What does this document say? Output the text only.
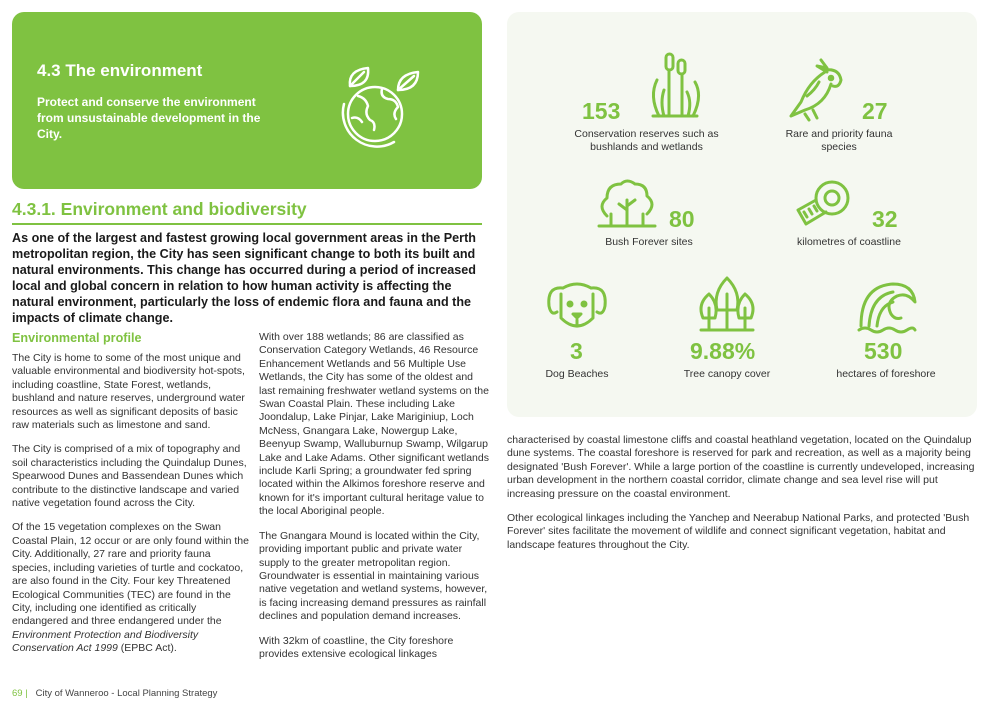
4.3 The environment

Protect and conserve the environment from unsustainable development in the City.

4.3.1. Environment and biodiversity
As one of the largest and fastest growing local government areas in the Perth metropolitan region, the City has seen significant change to both its built and natural environments. This change has occurred during a period of increased local and global concern in relation to how human activity is affecting the natural environment, particularly the loss of endemic flora and fauna and the impacts of climate change.
Environmental profile

The City is home to some of the most unique and valuable environmental and biodiversity hot-spots, including coastline, State Forest, wetlands, bushland and nature reserves, underground water resources as well as significant deposits of basic raw materials such as limestone and sand.

The City is comprised of a mix of topography and soil characteristics including the Quindalup Dunes, Spearwood Dunes and Bassendean Dunes which contribute to the distinctive landscape and varied native vegetation found across the City.

Of the 15 vegetation complexes on the Swan Coastal Plain, 12 occur or are only found within the City. Additionally, 27 rare and priority fauna species, including varieties of turtle and cockatoo, are also found in the City. Four key Threatened Ecological Communities (TEC) are found in the City, including one identified as critically endangered and three endangered under the Environment Protection and Biodiversity Conservation Act 1999 (EPBC Act).

With over 188 wetlands; 86 are classified as Conservation Category Wetlands, 46 Resource Enhancement Wetlands and 56 Multiple Use Wetlands, the City has some of the oldest and last remaining freshwater wetland systems on the Swan Coastal Plain. These including Lake Joondalup, Lake Pinjar, Lake Mariginiup, Loch McNess, Gnangara Lake, Nowergup Lake, Beenyup Swamp, Walluburnup Swamp, Wilgarup Lake and Lake Adams. Other significant wetlands include Karli Spring; a groundwater fed spring located within the Alkimos foreshore reserve and known for it's important cultural heritage value to the local Aboriginal people.

The Gnangara Mound is located within the City, providing important public and private water supply to the greater metropolitan region. Groundwater is essential in maintaining various native vegetation and wetland systems, however, is facing increasing demand pressures as rainfall declines and population demand increases.

With 32km of coastline, the City foreshore provides extensive ecological linkages

153
Conservation reserves such as bushlands and wetlands
27
Rare and priority fauna species
80
Bush Forever sites
32
kilometres of coastline
3
Dog Beaches
9.88%
Tree canopy cover
530
hectares of foreshore

characterised by coastal limestone cliffs and coastal heathland vegetation, located on the Quindalup dune systems. The coastal foreshore is reserved for park and recreation, as well as a majority being designated 'Bush Forever'. While a large portion of the coastline is currently undeveloped, increasing urban development in the northern coastal corridor, climate change and sea level rise will put increasing pressure on the coastal environment.

Other ecological linkages including the Yanchep and Neerabup National Parks, and protected 'Bush Forever' sites facilitate the movement of wildlife and connect significant vegetation, habitat and landscape features throughout the City.

69 | City of Wanneroo - Local Planning Strategy
